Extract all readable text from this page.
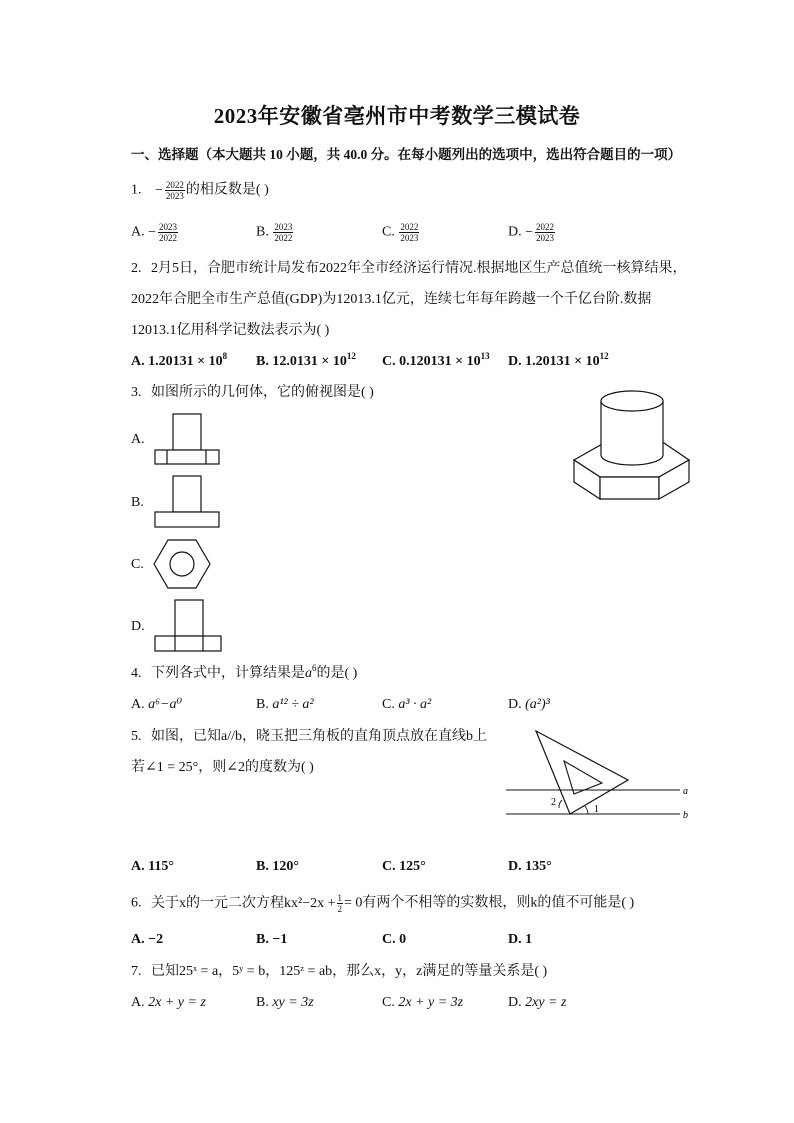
2023年安徽省亳州市中考数学三模试卷
一、选择题（本大题共 10 小题，共 40.0 分。在每小题列出的选项中，选出符合题目的一项）
1. − $\frac{2022}{2023}$ 的相反数是( )
A. − $\frac{2023}{2022}$	B. $\frac{2023}{2022}$	C. $\frac{2022}{2023}$	D. − $\frac{2022}{2023}$
2. 2月5日，合肥市统计局发布2022年全市经济运行情况.根据地区生产总值统一核算结果，
2022年合肥全市生产总值(GDP)为12013.1亿元，连续七年每年跨越一个千亿台阶.数据
12013.1亿用科学记数法表示为( )
A. $1.20131 \times 10^8$ B. $12.0131 \times 10^{12}$ C. $0.120131 \times 10^{13}$ D. $1.20131 \times 10^{12}$
3. 如图所示的几何体，它的俯视图是( )
A.
B.
C.
D.
4. 下列各式中，计算结果是$a^6$的是( )
A. a⁶−a⁰	B. a¹² ÷ a²	C. a³ · a²	D. (a²)³
5. 如图，已知a//b，晓玉把三角板的直角顶点放在直线b上
若∠1 = 25°，则∠2的度数为( )
a
b
2
1
A. 115°	B. 120°	C. 125°	D. 135°
6. 关于x的一元二次方程$kx^2-2x + \frac{1}{2} = 0$有两个不相等的实数根，则k的值不可能是( )
A. −2	B. −1	C. 0	D. 1
7. 已知25ˣ = a，5ʸ = b，125ᶻ = ab，那么x，y，z满足的等量关系是( )
A. 2x + y = z	B. xy = 3z	C. 2x + y = 3z	D. 2xy = z
